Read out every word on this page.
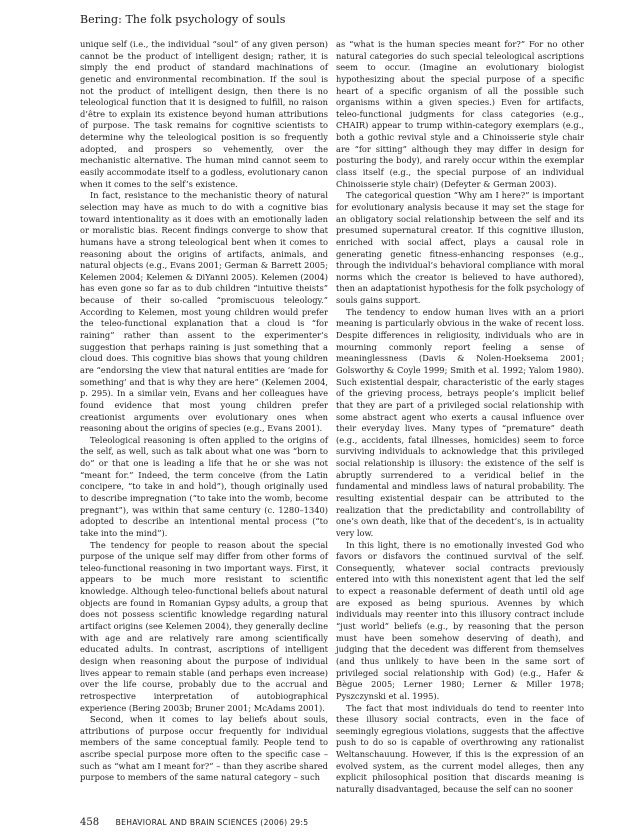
Bering: The folk psychology of souls

unique self (i.e., the individual “soul” of any given person) cannot be the product of intelligent design; rather, it is simply the end product of standard machinations of genetic and environmental recombination. If the soul is not the product of intelligent design, then there is no teleological function that it is designed to fulfill, no raison d’être to explain its existence beyond human attributions of purpose. The task remains for cognitive scientists to determine why the teleological position is so frequently adopted, and prospers so vehemently, over the mechanistic alternative. The human mind cannot seem to easily accommodate itself to a godless, evolutionary canon when it comes to the self’s existence.

In fact, resistance to the mechanistic theory of natural selection may have as much to do with a cognitive bias toward intentionality as it does with an emotionally laden or moralistic bias. Recent findings converge to show that humans have a strong teleological bent when it comes to reasoning about the origins of artifacts, animals, and natural objects (e.g., Evans 2001; German & Barrett 2005; Kelemen 2004; Kelemen & DiYanni 2005). Kelemen (2004) has even gone so far as to dub children “intuitive theists” because of their so-called “promiscuous teleology.” According to Kelemen, most young children would prefer the teleo-functional explanation that a cloud is “for raining” rather than assent to the experimenter’s suggestion that perhaps raining is just something that a cloud does. This cognitive bias shows that young children are “endorsing the view that natural entities are ‘made for something’ and that is why they are here” (Kelemen 2004, p. 295). In a similar vein, Evans and her colleagues have found evidence that most young children prefer creationist arguments over evolutionary ones when reasoning about the origins of species (e.g., Evans 2001).

Teleological reasoning is often applied to the origins of the self, as well, such as talk about what one was “born to do” or that one is leading a life that he or she was not “meant for.” Indeed, the term conceive (from the Latin concipere, “to take in and hold”), though originally used to describe impregnation (“to take into the womb, become pregnant”), was within that same century (c. 1280–1340) adopted to describe an intentional mental process (“to take into the mind”).

The tendency for people to reason about the special purpose of the unique self may differ from other forms of teleo-functional reasoning in two important ways. First, it appears to be much more resistant to scientific knowledge. Although teleo-functional beliefs about natural objects are found in Romanian Gypsy adults, a group that does not possess scientific knowledge regarding natural artifact origins (see Kelemen 2004), they generally decline with age and are relatively rare among scientifically educated adults. In contrast, ascriptions of intelligent design when reasoning about the purpose of individual lives appear to remain stable (and perhaps even increase) over the life course, probably due to the accrual and retrospective interpretation of autobiographical experience (Bering 2003b; Bruner 2001; McAdams 2001).

Second, when it comes to lay beliefs about souls, attributions of purpose occur frequently for individual members of the same conceptual family. People tend to ascribe special purpose more often to the specific case – such as “what am I meant for?” – than they ascribe shared purpose to members of the same natural category – such

as “what is the human species meant for?” For no other natural categories do such special teleological ascriptions seem to occur. (Imagine an evolutionary biologist hypothesizing about the special purpose of a specific heart of a specific organism of all the possible such organisms within a given species.) Even for artifacts, teleo-functional judgments for class categories (e.g., CHAIR) appear to trump within-category exemplars (e.g., both a gothic revival style and a Chinoisserie style chair are “for sitting” although they may differ in design for posturing the body), and rarely occur within the exemplar class itself (e.g., the special purpose of an individual Chinoisserie style chair) (Defeyter & German 2003).

The categorical question “Why am I here?” is important for evolutionary analysis because it may set the stage for an obligatory social relationship between the self and its presumed supernatural creator. If this cognitive illusion, enriched with social affect, plays a causal role in generating genetic fitness-enhancing responses (e.g., through the individual’s behavioral compliance with moral norms which the creator is believed to have authored), then an adaptationist hypothesis for the folk psychology of souls gains support.

The tendency to endow human lives with an a priori meaning is particularly obvious in the wake of recent loss. Despite differences in religiosity, individuals who are in mourning commonly report feeling a sense of meaninglessness (Davis & Nolen-Hoeksema 2001; Golsworthy & Coyle 1999; Smith et al. 1992; Yalom 1980). Such existential despair, characteristic of the early stages of the grieving process, betrays people’s implicit belief that they are part of a privileged social relationship with some abstract agent who exerts a causal influence over their everyday lives. Many types of “premature” death (e.g., accidents, fatal illnesses, homicides) seem to force surviving individuals to acknowledge that this privileged social relationship is illusory: the existence of the self is abruptly surrendered to a veridical belief in the fundamental and mindless laws of natural probability. The resulting existential despair can be attributed to the realization that the predictability and controllability of one’s own death, like that of the decedent’s, is in actuality very low.

In this light, there is no emotionally invested God who favors or disfavors the continued survival of the self. Consequently, whatever social contracts previously entered into with this nonexistent agent that led the self to expect a reasonable deferment of death until old age are exposed as being spurious. Avennes by which individuals may reenter into this illusory contract include “just world” beliefs (e.g., by reasoning that the person must have been somehow deserving of death), and judging that the decedent was different from themselves (and thus unlikely to have been in the same sort of privileged social relationship with God) (e.g., Hafer & Bègue 2005; Lerner 1980; Lerner & Miller 1978; Pyszczynski et al. 1995).

The fact that most individuals do tend to reenter into these illusory social contracts, even in the face of seemingly egregious violations, suggests that the affective push to do so is capable of overthrowing any rationalist Weltanschauung. However, if this is the expression of an evolved system, as the current model alleges, then any explicit philosophical position that discards meaning is naturally disadvantaged, because the self can no sooner

458 BEHAVIORAL AND BRAIN SCIENCES (2006) 29:5
